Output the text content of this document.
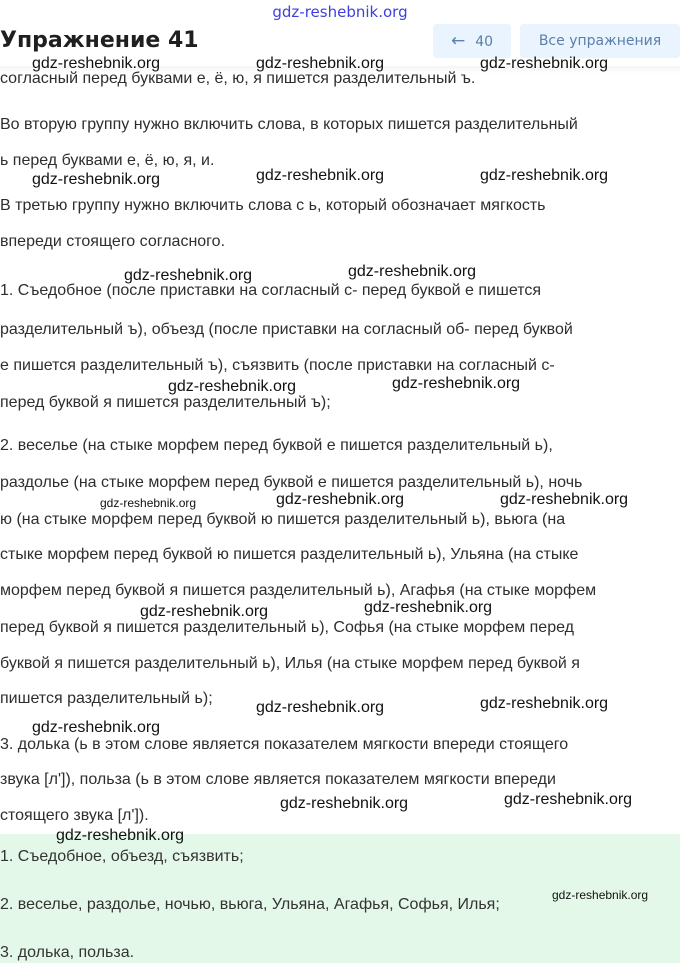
gdz-reshebnik.org
Упражнение 41	← 40	Все упражнения
согласный перед буквами е, ё, ю, я пишется разделительный ъ.
Во вторую группу нужно включить слова, в которых пишется разделительный
ь перед буквами е, ё, ю, я, и.
В третью группу нужно включить слова с ь, который обозначает мягкость
впереди стоящего согласного.
1. Съедобное (после приставки на согласный с- перед буквой е пишется
разделительный ъ), объезд (после приставки на согласный об- перед буквой
е пишется разделительный ъ), съязвить (после приставки на согласный с-
перед буквой я пишется разделительный ъ);
2. веселье (на стыке морфем перед буквой е пишется разделительный ь),
раздолье (на стыке морфем перед буквой е пишется разделительный ь), ночь
ю (на стыке морфем перед буквой ю пишется разделительный ь), вьюга (на
стыке морфем перед буквой ю пишется разделительный ь), Ульяна (на стыке
морфем перед буквой я пишется разделительный ь), Агафья (на стыке морфем
перед буквой я пишется разделительный ь), Софья (на стыке морфем перед
буквой я пишется разделительный ь), Илья (на стыке морфем перед буквой я
пишется разделительный ь);
3. долька (ь в этом слове является показателем мягкости впереди стоящего
звука [л']), польза (ь в этом слове является показателем мягкости впереди
стоящего звука [л']).
1. Съедобное, объезд, съязвить;
2. веселье, раздолье, ночью, вьюга, Ульяна, Агафья, Софья, Илья;
3. долька, польза.
gdz-reshebnik.org	gdz-reshebnik.org	gdz-reshebnik.org
gdz-reshebnik.org	gdz-reshebnik.org	gdz-reshebnik.org
gdz-reshebnik.org	gdz-reshebnik.org
gdz-reshebnik.org	gdz-reshebnik.org
gdz-reshebnik.org	gdz-reshebnik.org	gdz-reshebnik.org
gdz-reshebnik.org	gdz-reshebnik.org
gdz-reshebnik.org
gdz-reshebnik.org	gdz-reshebnik.org
gdz-reshebnik.org	gdz-reshebnik.org
gdz-reshebnik.org
gdz-reshebnik.org
